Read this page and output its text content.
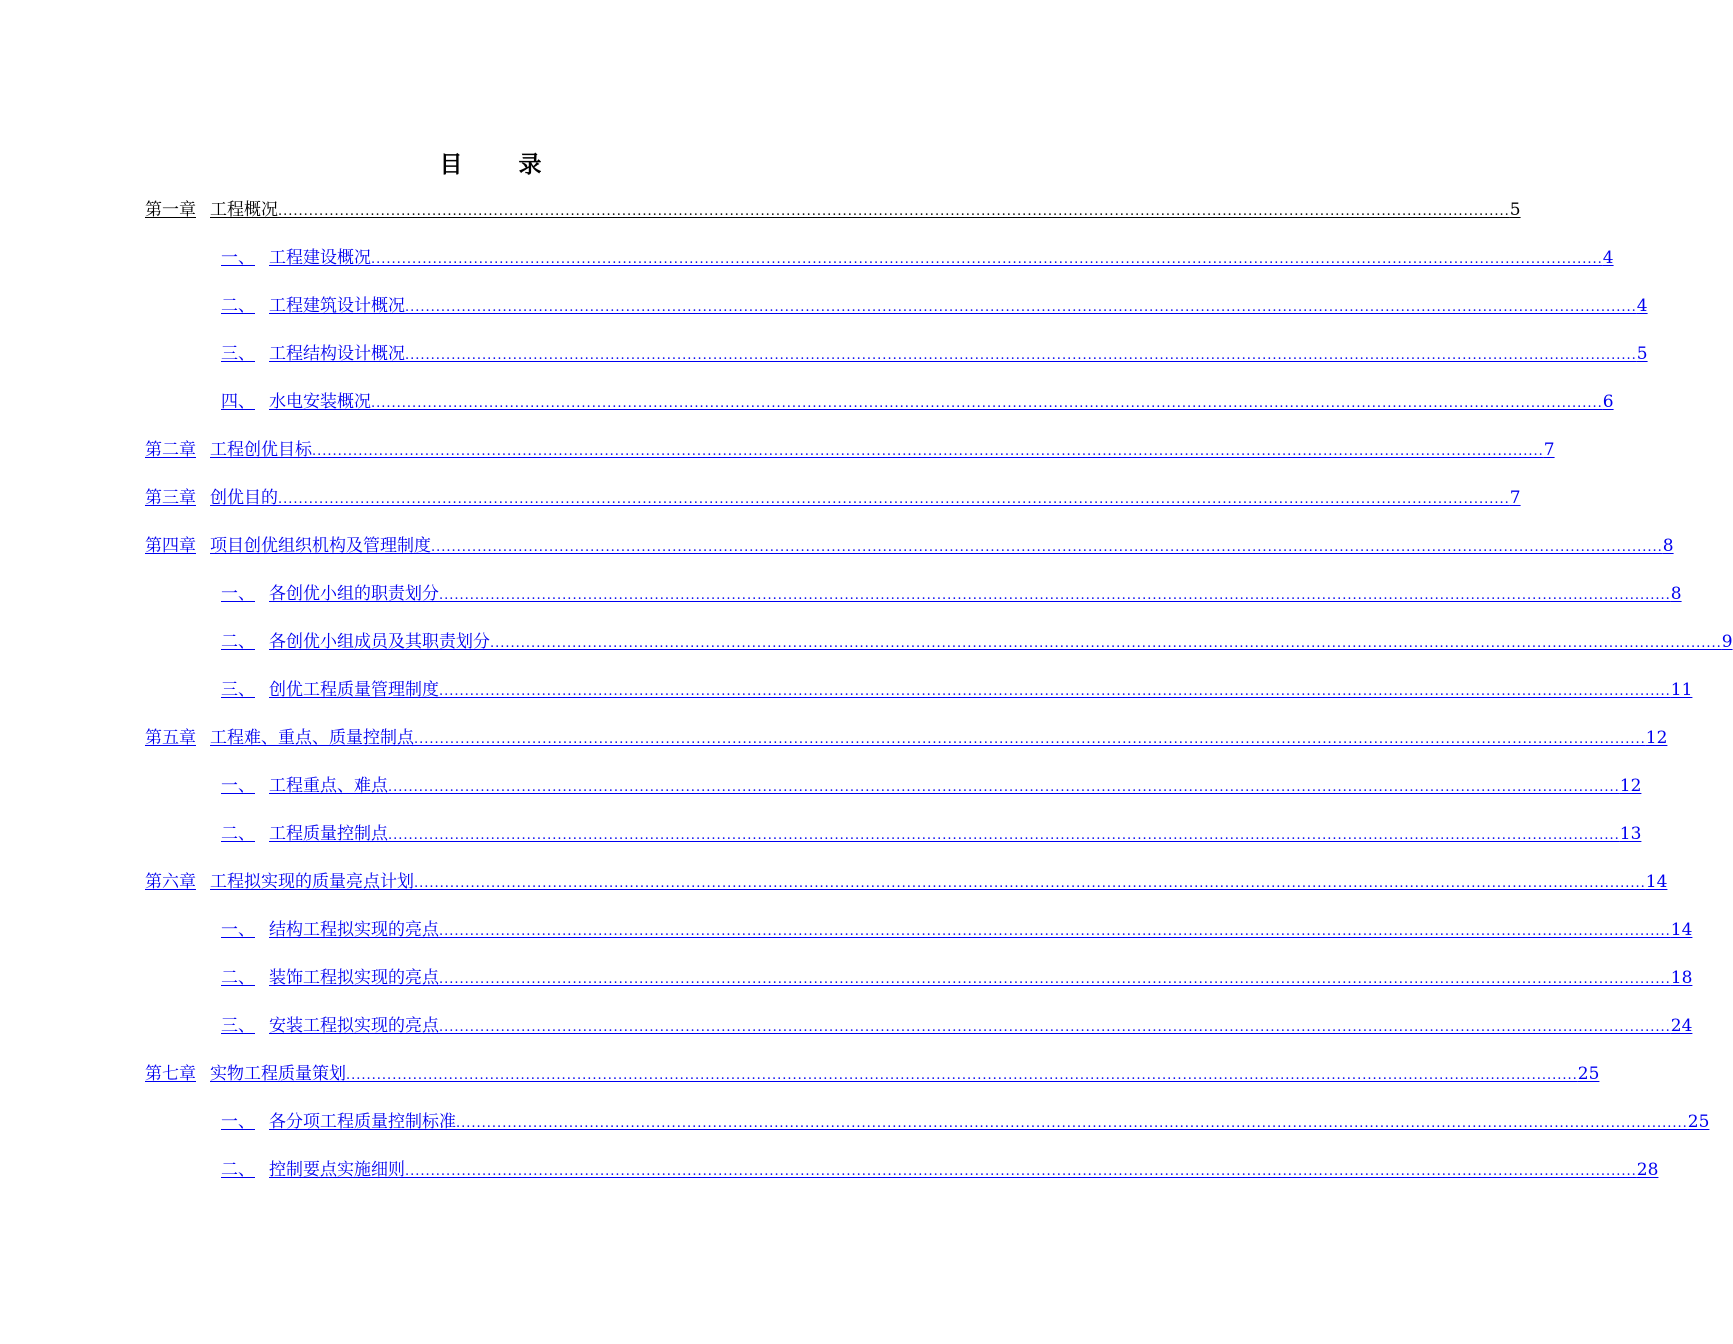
目 录
第一章 工程概况 ................................................................................................................................................................................................................................................ 5
一、 工程建设概况 ................................................................................................................................................................................................................................................ 4
二、 工程建筑设计概况 ................................................................................................................................................................................................................................................ 4
三、 工程结构设计概况 ................................................................................................................................................................................................................................................ 5
四、 水电安装概况 ................................................................................................................................................................................................................................................ 6
第二章 工程创优目标 ................................................................................................................................................................................................................................................ 7
第三章 创优目的 ................................................................................................................................................................................................................................................ 7
第四章 项目创优组织机构及管理制度 ................................................................................................................................................................................................................................................ 8
一、 各创优小组的职责划分 ................................................................................................................................................................................................................................................ 8
二、 各创优小组成员及其职责划分 ................................................................................................................................................................................................................................................ 9
三、 创优工程质量管理制度 ................................................................................................................................................................................................................................................ 11
第五章 工程难、重点、质量控制点 ................................................................................................................................................................................................................................................ 12
一、 工程重点、难点 ................................................................................................................................................................................................................................................ 12
二、 工程质量控制点 ................................................................................................................................................................................................................................................ 13
第六章 工程拟实现的质量亮点计划 ................................................................................................................................................................................................................................................ 14
一、 结构工程拟实现的亮点 ................................................................................................................................................................................................................................................ 14
二、 装饰工程拟实现的亮点 ................................................................................................................................................................................................................................................ 18
三、 安装工程拟实现的亮点 ................................................................................................................................................................................................................................................ 24
第七章 实物工程质量策划 ................................................................................................................................................................................................................................................ 25
一、 各分项工程质量控制标准 ................................................................................................................................................................................................................................................ 25
二、 控制要点实施细则 ................................................................................................................................................................................................................................................ 28
